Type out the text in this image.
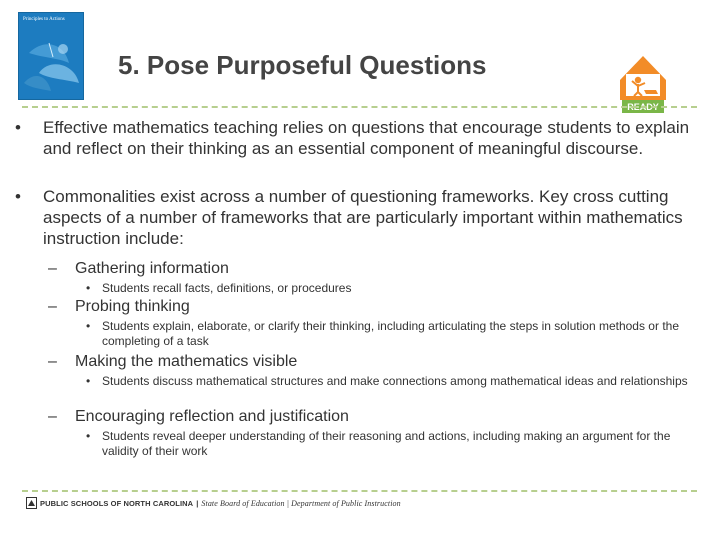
Principles to Actions
5. Pose Purposeful Questions
READY

• Effective mathematics teaching relies on questions that encourage students to explain and reflect on their thinking as an essential component of meaningful discourse.

• Commonalities exist across a number of questioning frameworks. Key cross cutting aspects of a number of frameworks that are particularly important within mathematics instruction include:

– Gathering information

• Students recall facts, definitions, or procedures

– Probing thinking

• Students explain, elaborate, or clarify their thinking, including articulating the steps in solution methods or the completing of a task

– Making the mathematics visible

• Students discuss mathematical structures and make connections among mathematical ideas and relationships

– Encouraging reflection and justification

• Students reveal deeper understanding of their reasoning and actions, including making an argument for the validity of their work

PUBLIC SCHOOLS OF NORTH CAROLINA | State Board of Education | Department of Public Instruction
